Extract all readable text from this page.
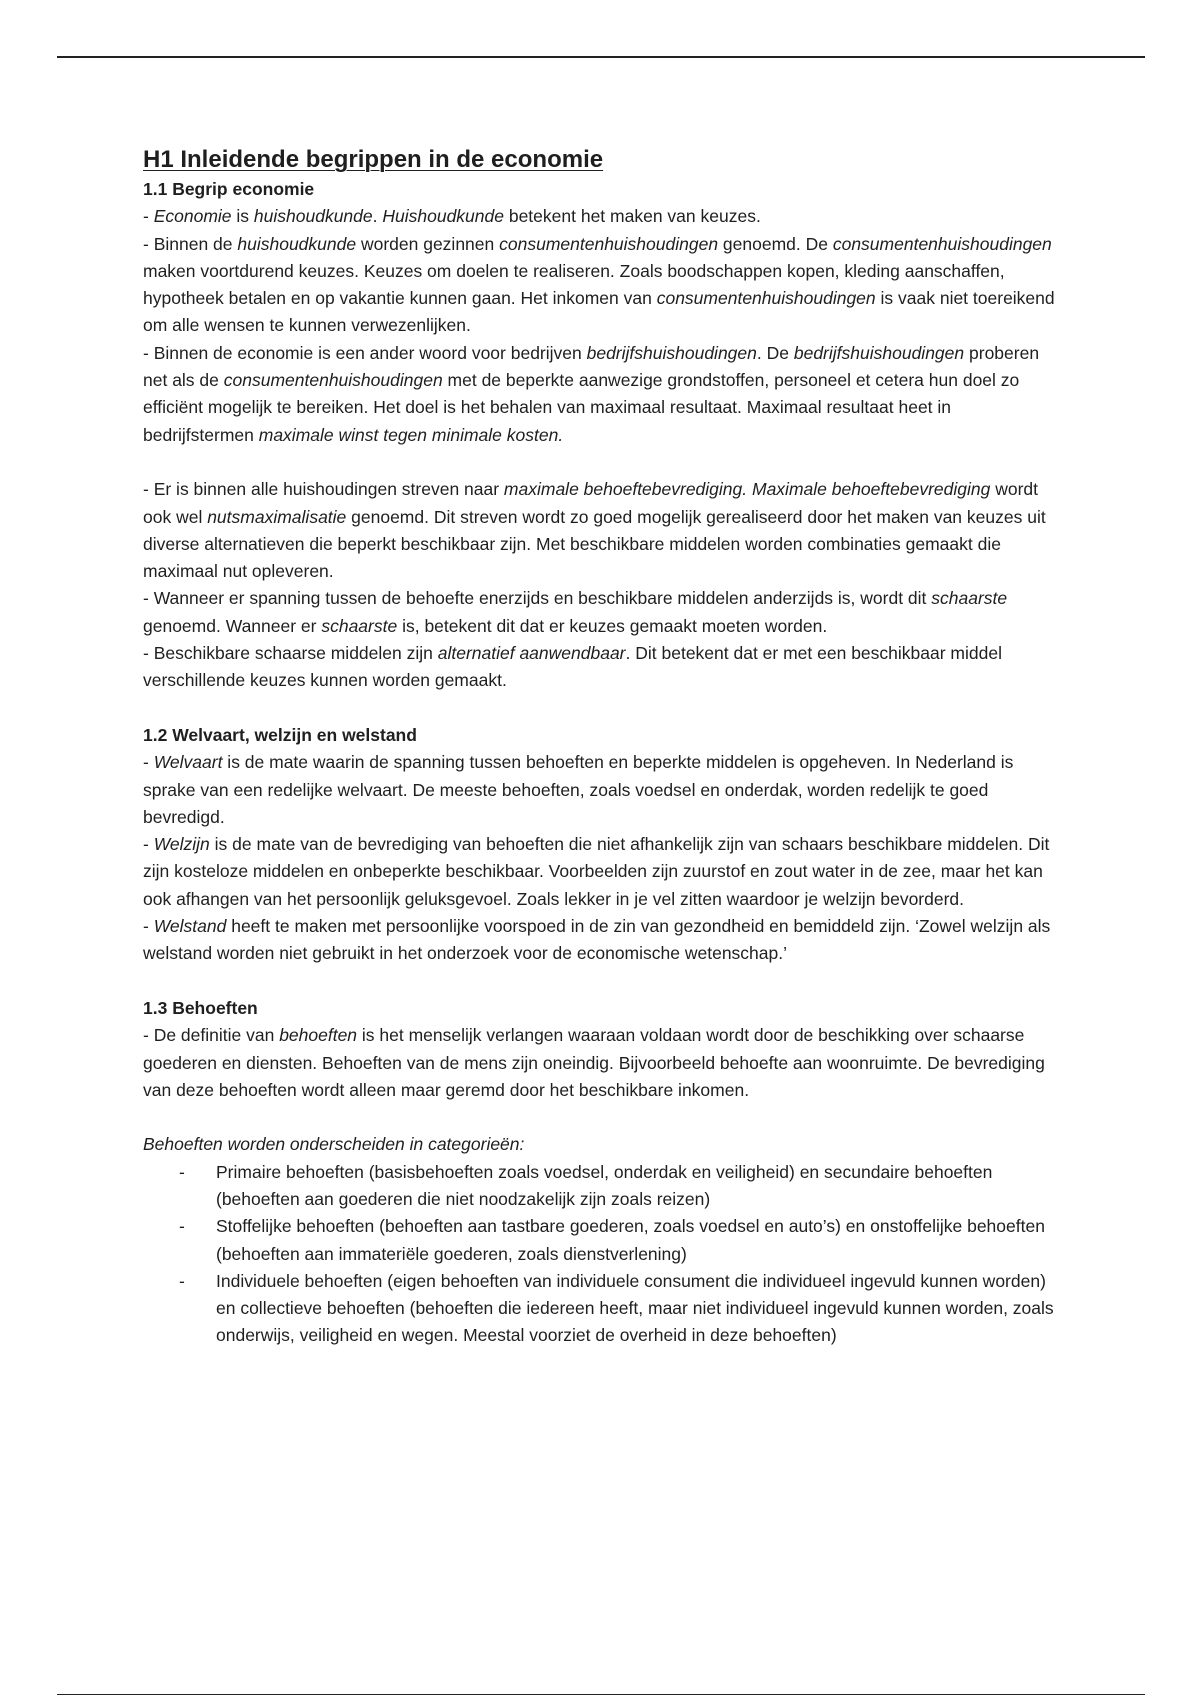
H1 Inleidende begrippen in de economie
1.1 Begrip economie

- Economie is huishoudkunde. Huishoudkunde betekent het maken van keuzes.

- Binnen de huishoudkunde worden gezinnen consumentenhuishoudingen genoemd. De consumentenhuishoudingen maken voortdurend keuzes. Keuzes om doelen te realiseren. Zoals boodschappen kopen, kleding aanschaffen, hypotheek betalen en op vakantie kunnen gaan. Het inkomen van consumentenhuishoudingen is vaak niet toereikend om alle wensen te kunnen verwezenlijken.

- Binnen de economie is een ander woord voor bedrijven bedrijfshuishoudingen. De bedrijfshuishoudingen proberen net als de consumentenhuishoudingen met de beperkte aanwezige grondstoffen, personeel et cetera hun doel zo efficiënt mogelijk te bereiken. Het doel is het behalen van maximaal resultaat. Maximaal resultaat heet in bedrijfstermen maximale winst tegen minimale kosten.

- Er is binnen alle huishoudingen streven naar maximale behoeftebevrediging. Maximale behoeftebevrediging wordt ook wel nutsmaximalisatie genoemd. Dit streven wordt zo goed mogelijk gerealiseerd door het maken van keuzes uit diverse alternatieven die beperkt beschikbaar zijn. Met beschikbare middelen worden combinaties gemaakt die maximaal nut opleveren.

- Wanneer er spanning tussen de behoefte enerzijds en beschikbare middelen anderzijds is, wordt dit schaarste genoemd. Wanneer er schaarste is, betekent dit dat er keuzes gemaakt moeten worden.

- Beschikbare schaarse middelen zijn alternatief aanwendbaar. Dit betekent dat er met een beschikbaar middel verschillende keuzes kunnen worden gemaakt.

1.2 Welvaart, welzijn en welstand

- Welvaart is de mate waarin de spanning tussen behoeften en beperkte middelen is opgeheven. In Nederland is sprake van een redelijke welvaart. De meeste behoeften, zoals voedsel en onderdak, worden redelijk te goed bevredigd.

- Welzijn is de mate van de bevrediging van behoeften die niet afhankelijk zijn van schaars beschikbare middelen. Dit zijn kosteloze middelen en onbeperkte beschikbaar. Voorbeelden zijn zuurstof en zout water in de zee, maar het kan ook afhangen van het persoonlijk geluksgevoel. Zoals lekker in je vel zitten waardoor je welzijn bevorderd.

- Welstand heeft te maken met persoonlijke voorspoed in de zin van gezondheid en bemiddeld zijn. ‘Zowel welzijn als welstand worden niet gebruikt in het onderzoek voor de economische wetenschap.’

1.3 Behoeften

- De definitie van behoeften is het menselijk verlangen waaraan voldaan wordt door de beschikking over schaarse goederen en diensten. Behoeften van de mens zijn oneindig. Bijvoorbeeld behoefte aan woonruimte. De bevrediging van deze behoeften wordt alleen maar geremd door het beschikbare inkomen.

Behoeften worden onderscheiden in categorieën:

- Primaire behoeften (basisbehoeften zoals voedsel, onderdak en veiligheid) en secundaire behoeften (behoeften aan goederen die niet noodzakelijk zijn zoals reizen)
- Stoffelijke behoeften (behoeften aan tastbare goederen, zoals voedsel en auto’s) en onstoffelijke behoeften (behoeften aan immateriële goederen, zoals dienstverlening)
- Individuele behoeften (eigen behoeften van individuele consument die individueel ingevuld kunnen worden) en collectieve behoeften (behoeften die iedereen heeft, maar niet individueel ingevuld kunnen worden, zoals onderwijs, veiligheid en wegen. Meestal voorziet de overheid in deze behoeften)
